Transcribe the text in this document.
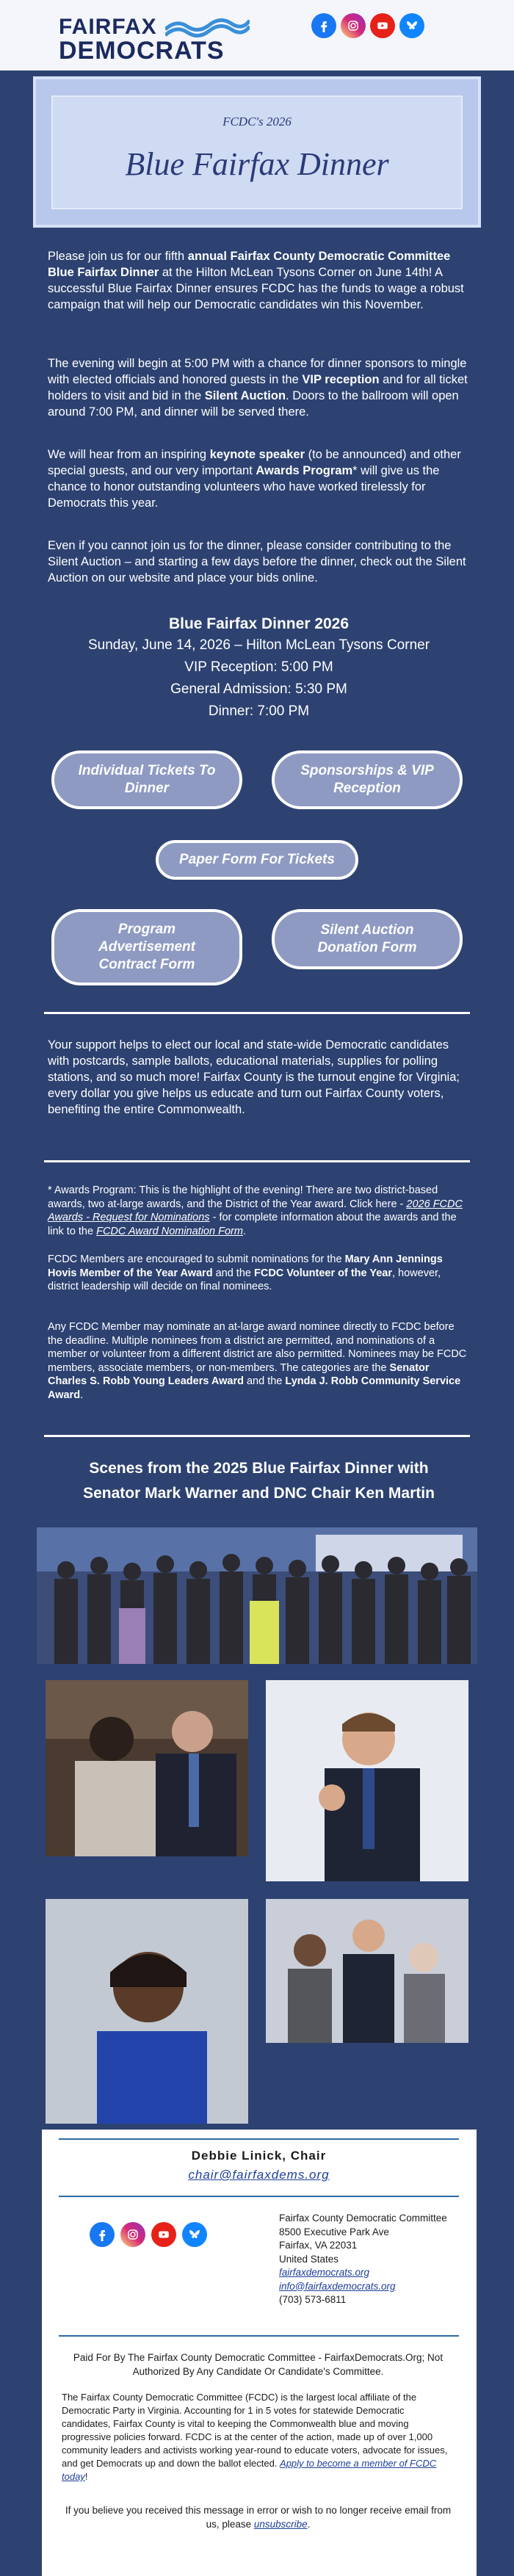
FAIRFAX
DEMOCRATS
FCDC's 2026
Blue Fairfax Dinner
Please join us for our fifth annual Fairfax County Democratic Committee Blue Fairfax Dinner at the Hilton McLean Tysons Corner on June 14th! A successful Blue Fairfax Dinner ensures FCDC has the funds to wage a robust campaign that will help our Democratic candidates win this November.
The evening will begin at 5:00 PM with a chance for dinner sponsors to mingle with elected officials and honored guests in the VIP reception and for all ticket holders to visit and bid in the Silent Auction. Doors to the ballroom will open around 7:00 PM, and dinner will be served there.
We will hear from an inspiring keynote speaker (to be announced) and other special guests, and our very important Awards Program* will give us the chance to honor outstanding volunteers who have worked tirelessly for Democrats this year.
Even if you cannot join us for the dinner, please consider contributing to the Silent Auction – and starting a few days before the dinner, check out the Silent Auction on our website and place your bids online.
Blue Fairfax Dinner 2026
Sunday, June 14, 2026 – Hilton McLean Tysons Corner
VIP Reception: 5:00 PM
General Admission: 5:30 PM
Dinner: 7:00 PM
Individual Tickets To Dinner
Sponsorships & VIP Reception
Paper Form For Tickets
Program Advertisement Contract Form
Silent Auction Donation Form
Your support helps to elect our local and state-wide Democratic candidates with postcards, sample ballots, educational materials, supplies for polling stations, and so much more! Fairfax County is the turnout engine for Virginia; every dollar you give helps us educate and turn out Fairfax County voters, benefiting the entire Commonwealth.
* Awards Program: This is the highlight of the evening! There are two district-based awards, two at-large awards, and the District of the Year award. Click here - 2026 FCDC Awards - Request for Nominations - for complete information about the awards and the link to the FCDC Award Nomination Form.
FCDC Members are encouraged to submit nominations for the Mary Ann Jennings Hovis Member of the Year Award and the FCDC Volunteer of the Year, however, district leadership will decide on final nominees.
Any FCDC Member may nominate an at-large award nominee directly to FCDC before the deadline. Multiple nominees from a district are permitted, and nominations of a member or volunteer from a different district are also permitted. Nominees may be FCDC members, associate members, or non-members. The categories are the Senator Charles S. Robb Young Leaders Award and the Lynda J. Robb Community Service Award.
Scenes from the 2025 Blue Fairfax Dinner with
Senator Mark Warner and DNC Chair Ken Martin
Debbie Linick, Chair
chair@fairfaxdems.org
Fairfax County Democratic Committee
8500 Executive Park Ave
Fairfax, VA 22031
United States
fairfaxdemocrats.org
info@fairfaxdemocrats.org
(703) 573-6811
Paid For By The Fairfax County Democratic Committee - FairfaxDemocrats.Org; Not Authorized By Any Candidate Or Candidate's Committee.
The Fairfax County Democratic Committee (FCDC) is the largest local affiliate of the Democratic Party in Virginia. Accounting for 1 in 5 votes for statewide Democratic candidates, Fairfax County is vital to keeping the Commonwealth blue and moving progressive policies forward. FCDC is at the center of the action, made up of over 1,000 community leaders and activists working year-round to educate voters, advocate for issues, and get Democrats up and down the ballot elected. Apply to become a member of FCDC today!
If you believe you received this message in error or wish to no longer receive email from us, please unsubscribe.
